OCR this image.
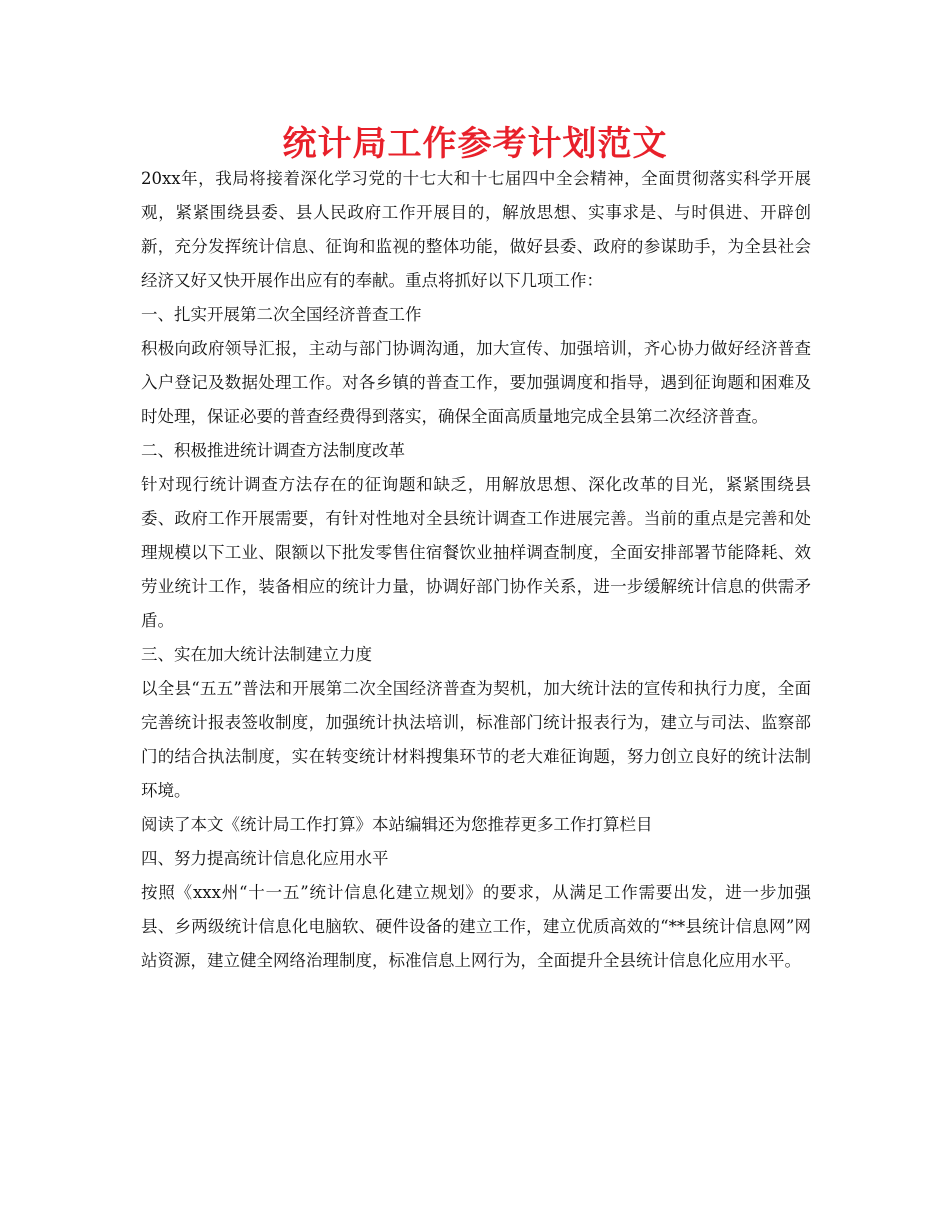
统计局工作参考计划范文

20xx年，我局将接着深化学习党的十七大和十七届四中全会精神，全面贯彻落实科学开展观，紧紧围绕县委、县人民政府工作开展目的，解放思想、实事求是、与时俱进、开辟创新，充分发挥统计信息、征询和监视的整体功能，做好县委、政府的参谋助手，为全县社会经济又好又快开展作出应有的奉献。重点将抓好以下几项工作：

一、扎实开展第二次全国经济普查工作

积极向政府领导汇报，主动与部门协调沟通，加大宣传、加强培训，齐心协力做好经济普查入户登记及数据处理工作。对各乡镇的普查工作，要加强调度和指导，遇到征询题和困难及时处理，保证必要的普查经费得到落实，确保全面高质量地完成全县第二次经济普查。

二、积极推进统计调查方法制度改革

针对现行统计调查方法存在的征询题和缺乏，用解放思想、深化改革的目光，紧紧围绕县委、政府工作开展需要，有针对性地对全县统计调查工作进展完善。当前的重点是完善和处理规模以下工业、限额以下批发零售住宿餐饮业抽样调查制度，全面安排部署节能降耗、效劳业统计工作，装备相应的统计力量，协调好部门协作关系，进一步缓解统计信息的供需矛盾。

三、实在加大统计法制建立力度

以全县“五五”普法和开展第二次全国经济普查为契机，加大统计法的宣传和执行力度，全面完善统计报表签收制度，加强统计执法培训，标准部门统计报表行为，建立与司法、监察部门的结合执法制度，实在转变统计材料搜集环节的老大难征询题，努力创立良好的统计法制环境。

阅读了本文《统计局工作打算》本站编辑还为您推荐更多工作打算栏目

四、努力提高统计信息化应用水平

按照《xxx州“十一五”统计信息化建立规划》的要求，从满足工作需要出发，进一步加强县、乡两级统计信息化电脑软、硬件设备的建立工作，建立优质高效的“**县统计信息网”网站资源，建立健全网络治理制度，标准信息上网行为，全面提升全县统计信息化应用水平。
